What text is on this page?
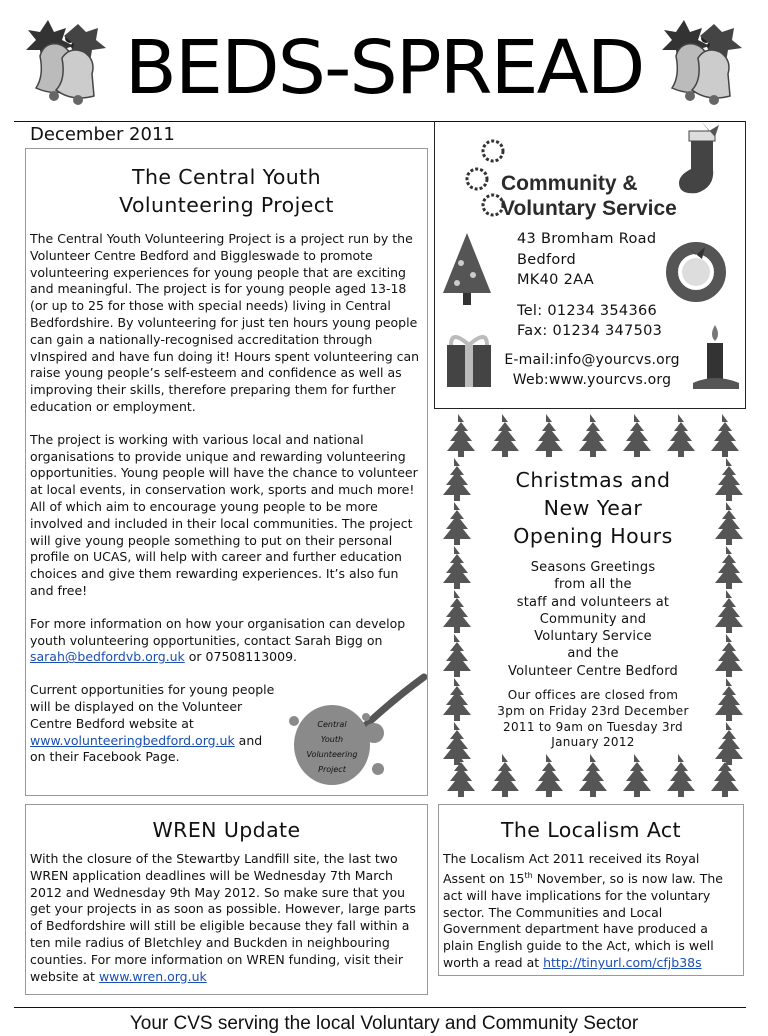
BEDS-SPREAD
December 2011
The Central Youth
Volunteering Project

The Central Youth Volunteering Project is a project run by the Volunteer Centre Bedford and Biggleswade to promote volunteering experiences for young people that are exciting and meaningful. The project is for young people aged 13-18 (or up to 25 for those with special needs) living in Central Bedfordshire. By volunteering for just ten hours young people can gain a nationally-recognised accreditation through vInspired and have fun doing it! Hours spent volunteering can raise young people’s self-esteem and confidence as well as improving their skills, therefore preparing them for further education or employment.

The project is working with various local and national organisations to provide unique and rewarding volunteering opportunities. Young people will have the chance to volunteer at local events, in conservation work, sports and much more! All of which aim to encourage young people to be more involved and included in their local communities. The project will give young people something to put on their personal profile on UCAS, will help with career and further education choices and give them rewarding experiences. It’s also fun and free!

For more information on how your organisation can develop youth volunteering opportunities, contact Sarah Bigg on sarah@bedfordvb.org.uk or 07508113009.

Current opportunities for young people will be displayed on the Volunteer Centre Bedford website at www.volunteeringbedford.org.uk and on their Facebook Page.

Central
Youth
Volunteering
Project
Community &
Voluntary Service
43 Bromham Road
Bedford
MK40 2AA
Tel: 01234 354366
Fax: 01234 347503
E-mail:info@yourcvs.org
Web:www.yourcvs.org
Christmas and
New Year
Opening Hours
Seasons Greetings
from all the
staff and volunteers at
Community and
Voluntary Service
and the
Volunteer Centre Bedford
Our offices are closed from
3pm on Friday 23rd December
2011 to 9am on Tuesday 3rd
January 2012
WREN Update

With the closure of the Stewartby Landfill site, the last two WREN application deadlines will be Wednesday 7th March 2012 and Wednesday 9th May 2012. So make sure that you get your projects in as soon as possible. However, large parts of Bedfordshire will still be eligible because they fall within a ten mile radius of Bletchley and Buckden in neighbouring counties. For more information on WREN funding, visit their website at www.wren.org.uk

The Localism Act

The Localism Act 2011 received its Royal Assent on 15th November, so is now law. The act will have implications for the voluntary sector. The Communities and Local Government department have produced a plain English guide to the Act, which is well worth a read at http://tinyurl.com/cfjb38s

Your CVS serving the local Voluntary and Community Sector
